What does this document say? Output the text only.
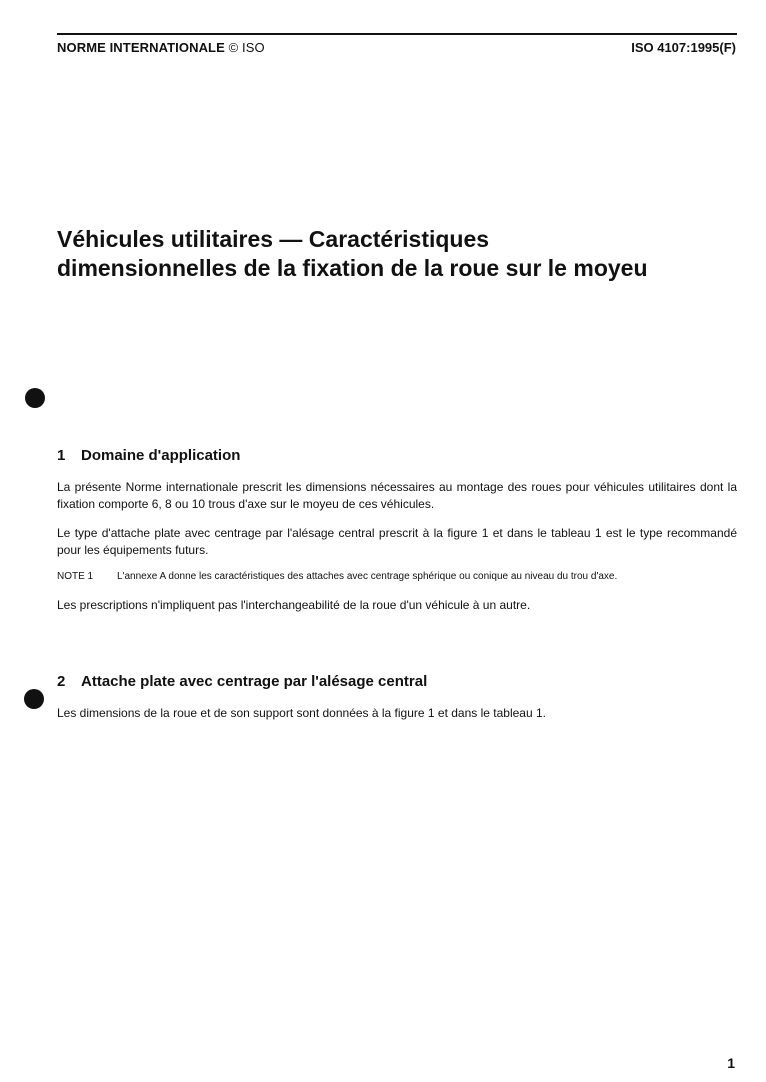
NORME INTERNATIONALE © ISO	ISO 4107:1995(F)
Véhicules utilitaires — Caractéristiques
dimensionnelles de la fixation de la roue sur le moyeu
1 Domaine d'application

La présente Norme internationale prescrit les dimensions nécessaires au montage des roues pour véhicules utilitaires dont la fixation comporte 6, 8 ou 10 trous d'axe sur le moyeu de ces véhicules.

Le type d'attache plate avec centrage par l'alésage central prescrit à la figure 1 et dans le tableau 1 est le type recommandé pour les équipements futurs.

NOTE 1 L'annexe A donne les caractéristiques des attaches avec centrage sphérique ou conique au niveau du trou d'axe.

Les prescriptions n'impliquent pas l'interchangeabilité de la roue d'un véhicule à un autre.

2 Attache plate avec centrage par l'alésage central

Les dimensions de la roue et de son support sont données à la figure 1 et dans le tableau 1.

1
